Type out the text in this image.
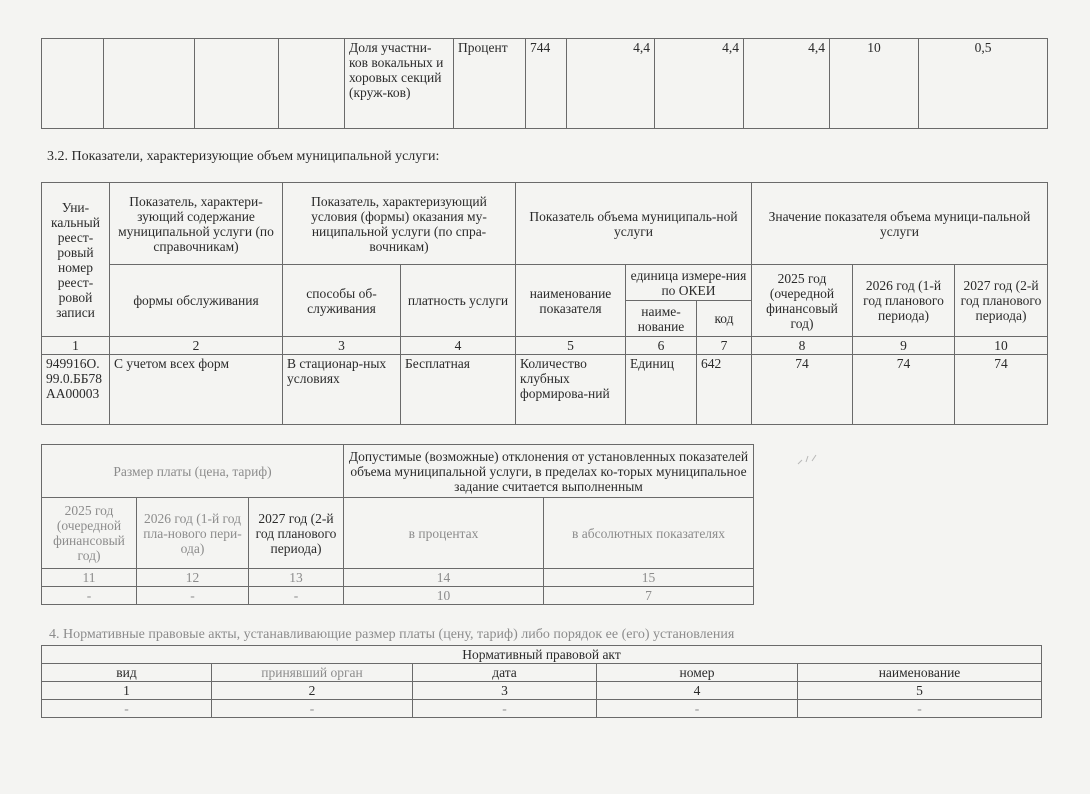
				Доля участни-ков вокальных и хоровых секций (круж-ков)	Процент	744	4,4	4,4	4,4	10	0,5
3.2. Показатели, характеризующие объем муниципальной услуги:
Уни-кальный реест-ровый номер реест-ровой записи	Показатель, характери-зующий содержание муниципальной услуги (по справочникам)	Показатель, характеризующий условия (формы) оказания му-ниципальной услуги (по спра-вочникам)		Показатель объема муниципаль-ной услуги			Значение показателя объема муници-пальной услуги		
	формы обслуживания	способы об-служивания	платность услуги	наименование показателя	единица измере-ния по ОКЕИ		2025 год (очередной финансовый год)	2026 год (1-й год планового периода)	2027 год (2-й год планового периода)
					наиме-нование	код			
1	2	3	4	5	6	7	8	9	10
949916О.99.0.ББ78АА00003	С учетом всех форм	В стационар-ных условиях	Бесплатная	Количество клубных формирова-ний	Единиц	642	74	74	74
Размер платы (цена, тариф)			Допустимые (возможные) отклонения от установленных показателей объема муниципальной услуги, в пределах ко-торых муниципальное задание считается выполненным	
2025 год (очередной финансовый год)	2026 год (1-й год пла-нового пери-ода)	2027 год (2-й год планового периода)	в процентах	в абсолютных показателях
11	12	13	14	15
-	-	-	10	7
4. Нормативные правовые акты, устанавливающие размер платы (цену, тариф) либо порядок ее (его) установления
Нормативный правовой акт				
вид	принявший орган	дата	номер	наименование
1	2	3	4	5
-	-	-	-	-
